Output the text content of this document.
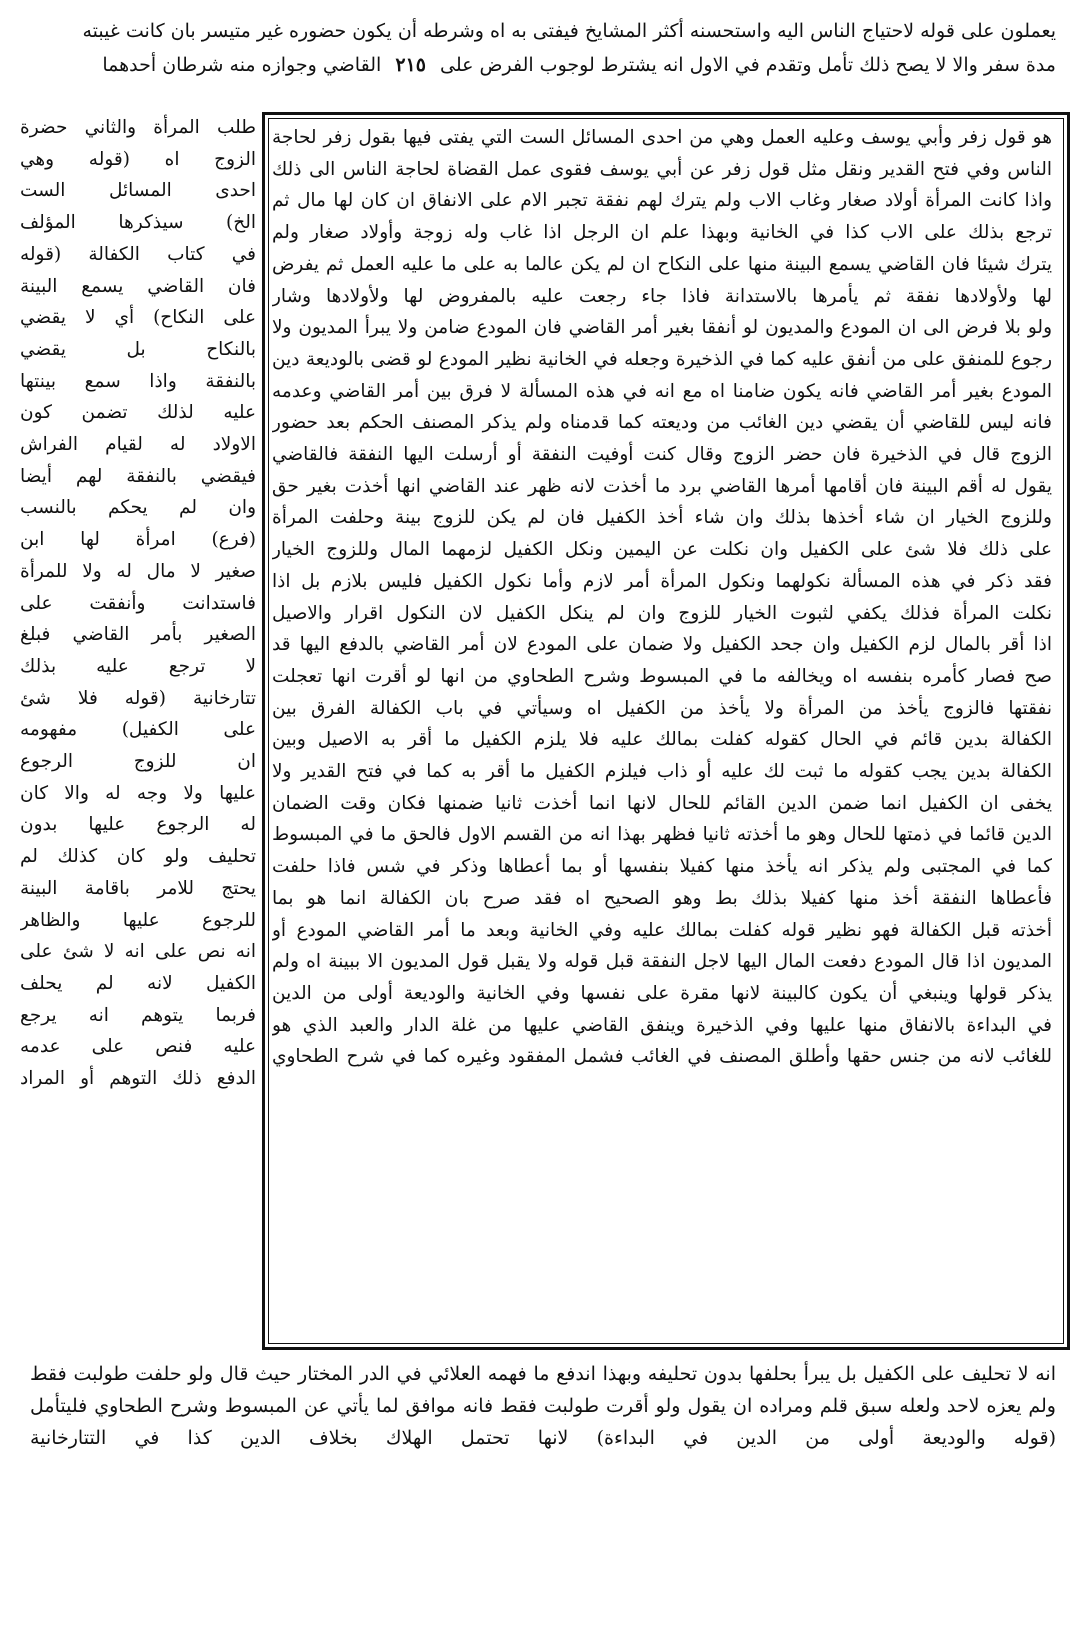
يعملون على قوله لاحتياج الناس اليه واستحسنه أكثر المشايخ فيفتى به اه وشرطه أن يكون حضوره غير متيسر بان كانت غيبته
مدة سفر والا لا يصح ذلك تأمل وتقدم في الاول انه يشترط لوجوب الفرض على ٢١٥ القاضي وجوازه منه شرطان أحدهما
هو قول زفر وأبي يوسف وعليه العمل وهي من احدى المسائل الست التي يفتى فيها بقول زفر لحاجة
الناس وفي فتح القدير ونقل مثل قول زفر عن أبي يوسف فقوى عمل القضاة لحاجة الناس الى ذلك
واذا كانت المرأة أولاد صغار وغاب الاب ولم يترك لهم نفقة تجبر الام على الانفاق ان كان لها مال ثم
ترجع بذلك على الاب كذا في الخانية وبهذا علم ان الرجل اذا غاب وله زوجة وأولاد صغار ولم
يترك شيئا فان القاضي يسمع البينة منها على النكاح ان لم يكن عالما به على ما عليه العمل ثم يفرض
لها ولأولادها نفقة ثم يأمرها بالاستدانة فاذا جاء رجعت عليه بالمفروض لها ولأولادها وشار
ولو بلا فرض الى ان المودع والمديون لو أنفقا بغير أمر القاضي فان المودع ضامن ولا يبرأ المديون ولا
رجوع للمنفق على من أنفق عليه كما في الذخيرة وجعله في الخانية نظير المودع لو قضى بالوديعة دين
المودع بغير أمر القاضي فانه يكون ضامنا اه مع انه في هذه المسألة لا فرق بين أمر القاضي وعدمه
فانه ليس للقاضي أن يقضي دين الغائب من وديعته كما قدمناه ولم يذكر المصنف الحكم بعد حضور
الزوج قال في الذخيرة فان حضر الزوج وقال كنت أوفيت النفقة أو أرسلت اليها النفقة فالقاضي
يقول له أقم البينة فان أقامها أمرها القاضي برد ما أخذت لانه ظهر عند القاضي انها أخذت بغير حق
وللزوج الخيار ان شاء أخذها بذلك وان شاء أخذ الكفيل فان لم يكن للزوج بينة وحلفت المرأة
على ذلك فلا شئ على الكفيل وان نكلت عن اليمين ونكل الكفيل لزمهما المال وللزوج الخيار
فقد ذكر في هذه المسألة نكولهما ونكول المرأة أمر لازم وأما نكول الكفيل فليس بلازم بل اذا
نكلت المرأة فذلك يكفي لثبوت الخيار للزوج وان لم ينكل الكفيل لان النكول اقرار والاصيل
اذا أقر بالمال لزم الكفيل وان جحد الكفيل ولا ضمان على المودع لان أمر القاضي بالدفع اليها قد
صح فصار كأمره بنفسه اه ويخالفه ما في المبسوط وشرح الطحاوي من انها لو أقرت انها تعجلت
نفقتها فالزوج يأخذ من المرأة ولا يأخذ من الكفيل اه وسيأتي في باب الكفالة الفرق بين
الكفالة بدين قائم في الحال كقوله كفلت بمالك عليه فلا يلزم الكفيل ما أقر به الاصيل وبين
الكفالة بدين يجب كقوله ما ثبت لك عليه أو ذاب فيلزم الكفيل ما أقر به كما في فتح القدير ولا
يخفى ان الكفيل انما ضمن الدين القائم للحال لانها انما أخذت ثانيا ضمنها فكان وقت الضمان
الدين قائما في ذمتها للحال وهو ما أخذته ثانيا فظهر بهذا انه من القسم الاول فالحق ما في المبسوط
كما في المجتبى ولم يذكر انه يأخذ منها كفيلا بنفسها أو بما أعطاها وذكر في شس فاذا حلفت
فأعطاها النفقة أخذ منها كفيلا بذلك بط وهو الصحيح اه فقد صرح بان الكفالة انما هو بما
أخذته قبل الكفالة فهو نظير قوله كفلت بمالك عليه وفي الخانية وبعد ما أمر القاضي المودع أو
المديون اذا قال المودع دفعت المال اليها لاجل النفقة قبل قوله ولا يقبل قول المديون الا ببينة اه ولم
يذكر قولها وينبغي أن يكون كالبينة لانها مقرة على نفسها وفي الخانية والوديعة أولى من الدين
في البداءة بالانفاق منها عليها وفي الذخيرة وينفق القاضي عليها من غلة الدار والعبد الذي هو
للغائب لانه من جنس حقها وأطلق المصنف في الغائب فشمل المفقود وغيره كما في شرح الطحاوي
طلب المرأة والثاني حضرة
الزوج اه (قوله وهي
احدى المسائل الست
الخ) سيذكرها المؤلف
في كتاب الكفالة (قوله
فان القاضي يسمع البينة
على النكاح) أي لا يقضي
بالنكاح بل يقضي
بالنفقة واذا سمع بينتها
عليه لذلك تضمن كون
الاولاد له لقيام الفراش
فيقضي بالنفقة لهم أيضا
وان لم يحكم بالنسب
(فرع) امرأة لها ابن
صغير لا مال له ولا للمرأة
فاستدانت وأنفقت على
الصغير بأمر القاضي فبلغ
لا ترجع عليه بذلك
تتارخانية (قوله فلا شئ
على الكفيل) مفهومه
ان للزوج الرجوع
عليها ولا وجه له والا كان
له الرجوع عليها بدون
تحليف ولو كان كذلك لم
يحتج للامر باقامة البينة
للرجوع عليها والظاهر
انه نص على انه لا شئ على
الكفيل لانه لم يحلف
فربما يتوهم انه يرجع
عليه فنص على عدمه
الدفع ذلك التوهم أو المراد
انه لا تحليف على الكفيل بل يبرأ بحلفها بدون تحليفه وبهذا اندفع ما فهمه العلائي في الدر المختار حيث قال ولو حلفت طولبت فقط
ولم يعزه لاحد ولعله سبق قلم ومراده ان يقول ولو أقرت طولبت فقط فانه موافق لما يأتي عن المبسوط وشرح الطحاوي فليتأمل
(قوله والوديعة أولى من الدين في البداءة) لانها تحتمل الهلاك بخلاف الدين كذا في التتارخانية
